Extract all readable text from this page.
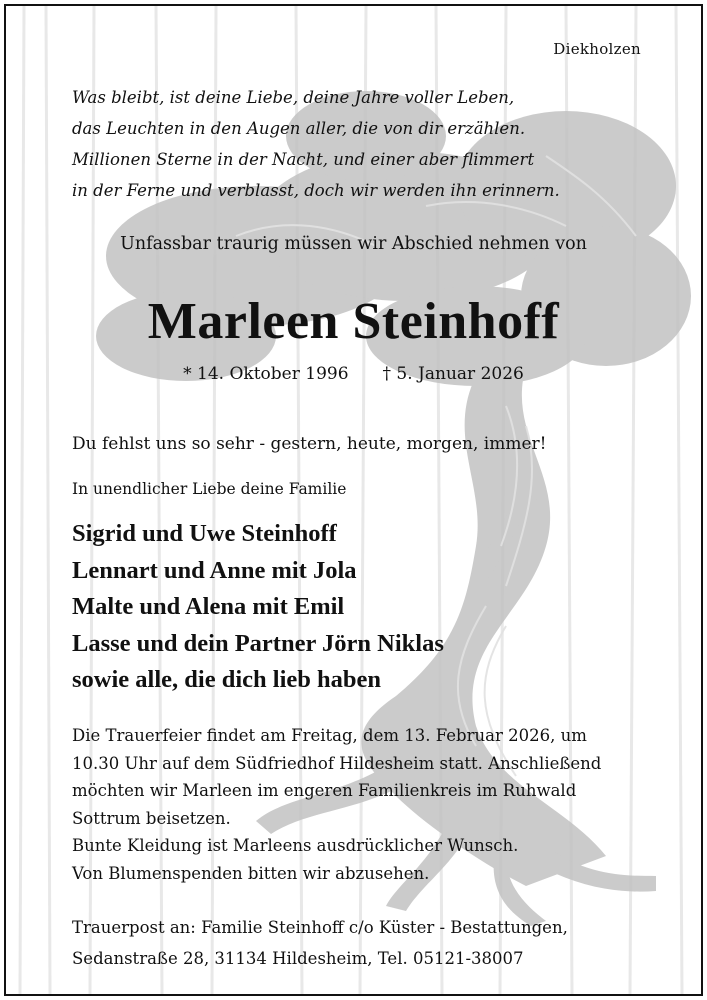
Diekholzen
Was bleibt, ist deine Liebe, deine Jahre voller Leben,
das Leuchten in den Augen aller, die von dir erzählen.
Millionen Sterne in der Nacht, und einer aber flimmert
in der Ferne und verblasst, doch wir werden ihn erinnern.
Unfassbar traurig müssen wir Abschied nehmen von
Marleen Steinhoff
* 14. Oktober 1996 † 5. Januar 2026
Du fehlst uns so sehr - gestern, heute, morgen, immer!
In unendlicher Liebe deine Familie
Sigrid und Uwe Steinhoff
Lennart und Anne mit Jola
Malte und Alena mit Emil
Lasse und dein Partner Jörn Niklas
sowie alle, die dich lieb haben
Die Trauerfeier findet am Freitag, dem 13. Februar 2026, um
10.30 Uhr auf dem Südfriedhof Hildesheim statt. Anschließend
möchten wir Marleen im engeren Familienkreis im Ruhwald
Sottrum beisetzen.
Bunte Kleidung ist Marleens ausdrücklicher Wunsch.
Von Blumenspenden bitten wir abzusehen.
Trauerpost an: Familie Steinhoff c/o Küster - Bestattungen,
Sedanstraße 28, 31134 Hildesheim, Tel. 05121-38007
